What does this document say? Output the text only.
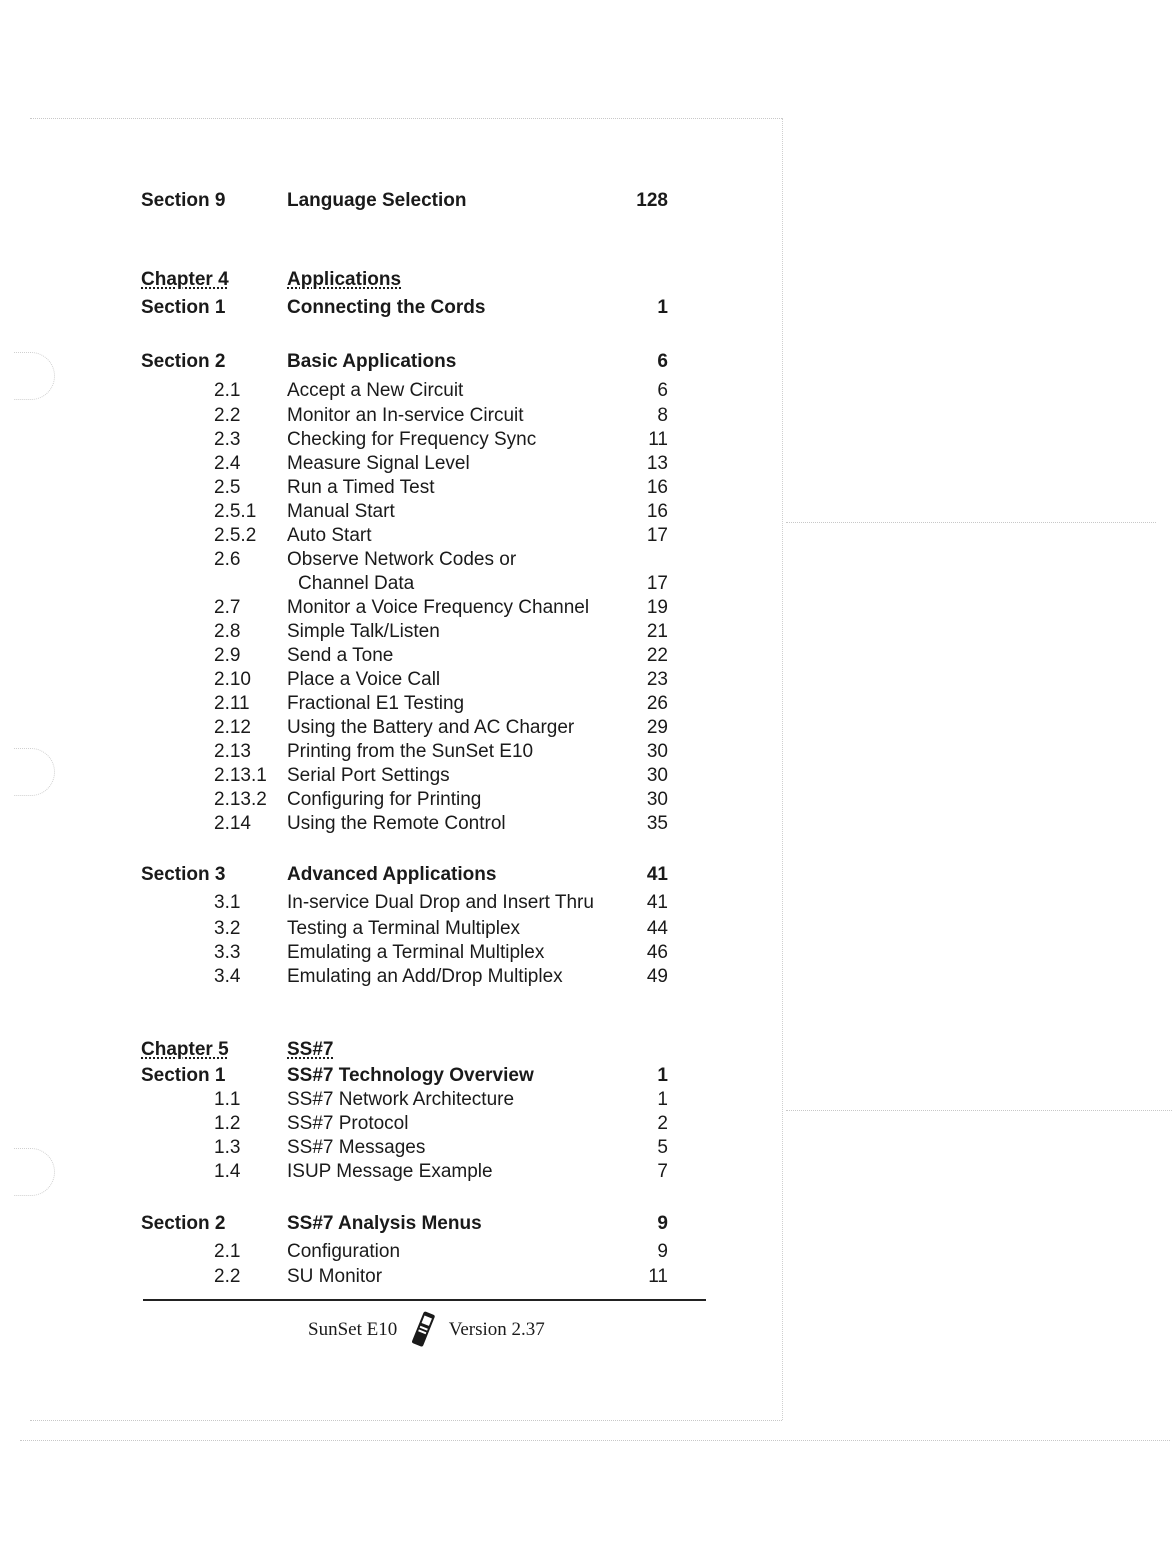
Section 9	Language Selection	128
Chapter 4	Applications
Section 1	Connecting the Cords	1
Section 2	Basic Applications	6
2.1 Accept a New Circuit	6
2.2 Monitor an In-service Circuit	8
2.3 Checking for Frequency Sync	11
2.4 Measure Signal Level	13
2.5 Run a Timed Test	16
2.5.1 Manual Start	16
2.5.2 Auto Start	17
2.6 Observe Network Codes or
Channel Data	17
2.7 Monitor a Voice Frequency Channel	19
2.8 Simple Talk/Listen	21
2.9 Send a Tone	22
2.10 Place a Voice Call	23
2.11 Fractional E1 Testing	26
2.12 Using the Battery and AC Charger	29
2.13 Printing from the SunSet E10	30
2.13.1 Serial Port Settings	30
2.13.2 Configuring for Printing	30
2.14 Using the Remote Control	35
Section 3	Advanced Applications	41
3.1 In-service Dual Drop and Insert Thru	41
3.2 Testing a Terminal Multiplex	44
3.3 Emulating a Terminal Multiplex	46
3.4 Emulating an Add/Drop Multiplex	49
Chapter 5	SS#7
Section 1	SS#7 Technology Overview	1
1.1 SS#7 Network Architecture	1
1.2 SS#7 Protocol	2
1.3 SS#7 Messages	5
1.4 ISUP Message Example	7
Section 2	SS#7 Analysis Menus	9
2.1 Configuration	9
2.2 SU Monitor	11
SunSet E10	Version 2.37
